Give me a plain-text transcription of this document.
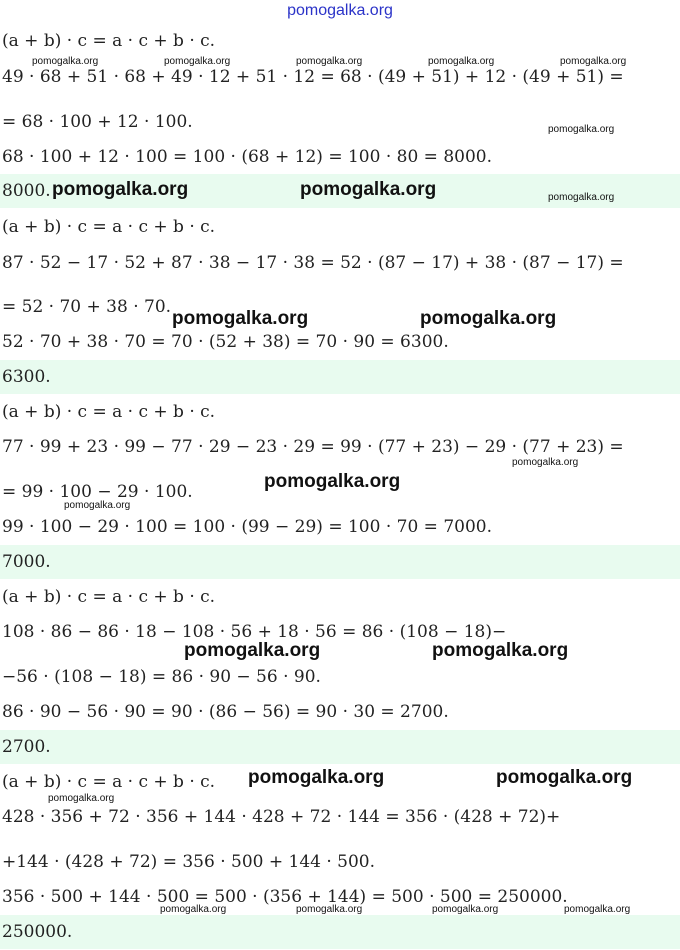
pomogalka.org
(a + b) · c = a · c + b · c.
49 · 68 + 51 · 68 + 49 · 12 + 51 · 12 = 68 · (49 + 51) + 12 · (49 + 51) =
= 68 · 100 + 12 · 100.
68 · 100 + 12 · 100 = 100 · (68 + 12) = 100 · 80 = 8000.
8000.
(a + b) · c = a · c + b · c.
87 · 52 − 17 · 52 + 87 · 38 − 17 · 38 = 52 · (87 − 17) + 38 · (87 − 17) =
= 52 · 70 + 38 · 70.
52 · 70 + 38 · 70 = 70 · (52 + 38) = 70 · 90 = 6300.
6300.
(a + b) · c = a · c + b · c.
77 · 99 + 23 · 99 − 77 · 29 − 23 · 29 = 99 · (77 + 23) − 29 · (77 + 23) =
= 99 · 100 − 29 · 100.
99 · 100 − 29 · 100 = 100 · (99 − 29) = 100 · 70 = 7000.
7000.
(a + b) · c = a · c + b · c.
108 · 86 − 86 · 18 − 108 · 56 + 18 · 56 = 86 · (108 − 18)−
−56 · (108 − 18) = 86 · 90 − 56 · 90.
86 · 90 − 56 · 90 = 90 · (86 − 56) = 90 · 30 = 2700.
2700.
(a + b) · c = a · c + b · c.
428 · 356 + 72 · 356 + 144 · 428 + 72 · 144 = 356 · (428 + 72)+
+144 · (428 + 72) = 356 · 500 + 144 · 500.
356 · 500 + 144 · 500 = 500 · (356 + 144) = 500 · 500 = 250000.
250000.
pomogalka.org	pomogalka.org	pomogalka.org	pomogalka.org	pomogalka.org
pomogalka.org
pomogalka.org	pomogalka.org	pomogalka.org
pomogalka.org	pomogalka.org
pomogalka.org
pomogalka.org
pomogalka.org
pomogalka.org	pomogalka.org
pomogalka.org	pomogalka.org
pomogalka.org
pomogalka.org	pomogalka.org	pomogalka.org	pomogalka.org
